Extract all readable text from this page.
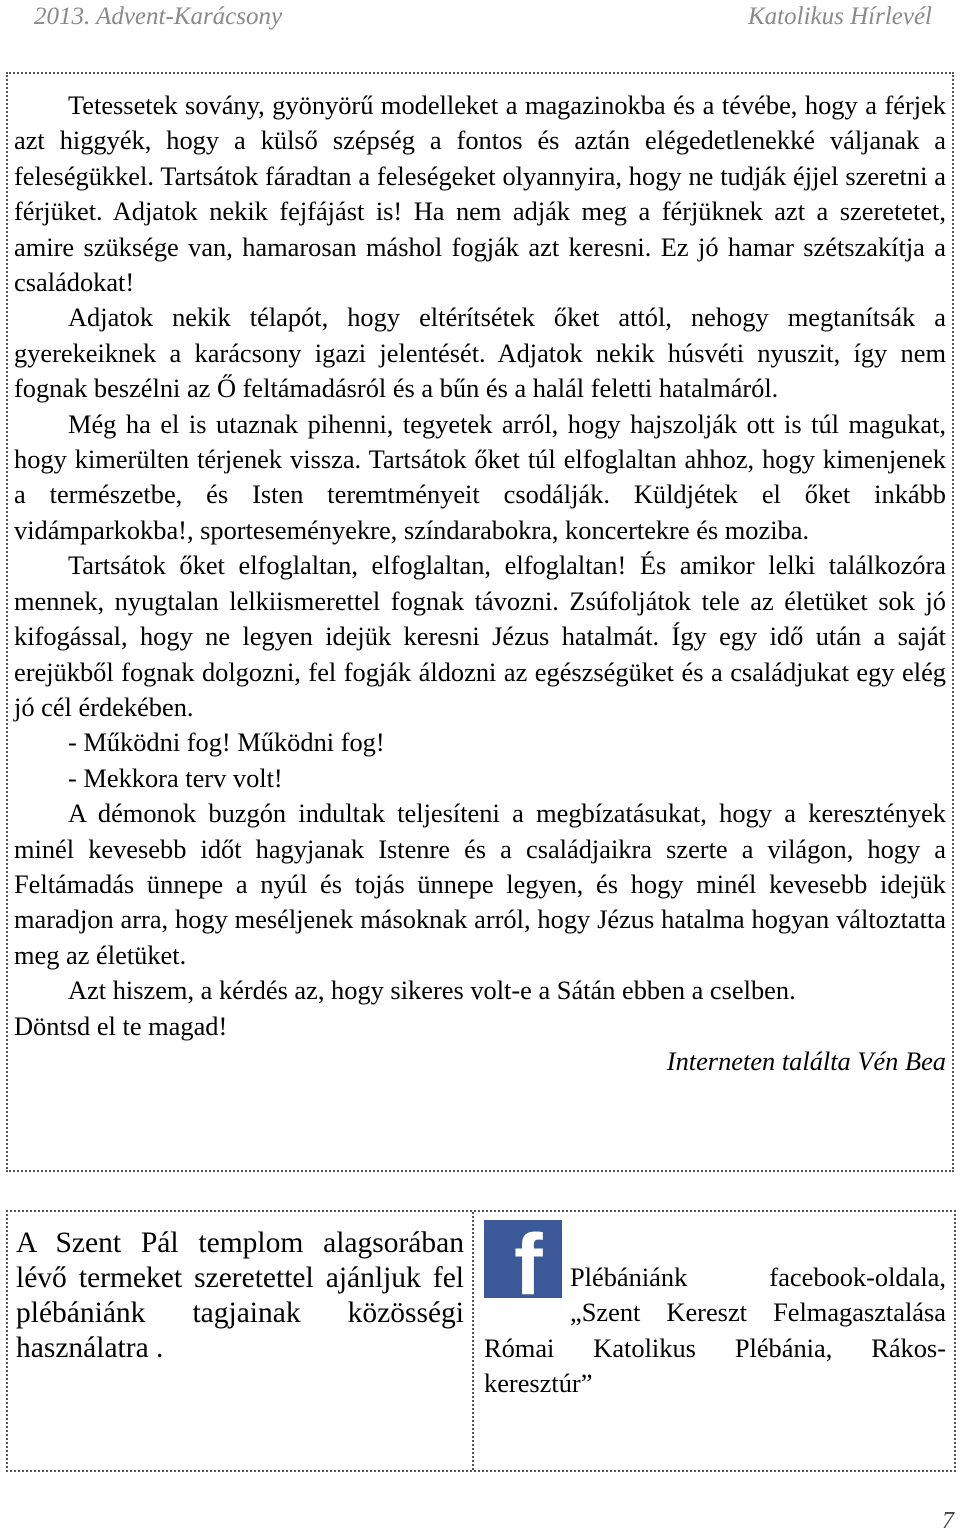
2013. Advent-Karácsony	Katolikus Hírlevél

Tetessetek sovány, gyönyörű modelleket a magazinokba és a tévébe, hogy a férjek azt higgyék, hogy a külső szépség a fontos és aztán elégedetlenekké váljanak a feleségükkel. Tartsátok fáradtan a feleségeket olyannyira, hogy ne tudják éjjel szeretni a férjüket. Adjatok nekik fejfájást is! Ha nem adják meg a férjüknek azt a szeretetet, amire szüksége van, hamarosan máshol fogják azt keresni. Ez jó hamar szétszakítja a családokat!

Adjatok nekik télapót, hogy eltérítsétek őket attól, nehogy megtanítsák a gyerekeiknek a karácsony igazi jelentését. Adjatok nekik húsvéti nyuszit, így nem fognak beszélni az Ő feltámadásról és a bűn és a halál feletti hatalmáról.

Még ha el is utaznak pihenni, tegyetek arról, hogy hajszolják ott is túl magukat, hogy kimerülten térjenek vissza. Tartsátok őket túl elfoglaltan ahhoz, hogy kimenjenek a természetbe, és Isten teremtményeit csodálják. Küldjétek el őket inkább vidámparkokba!, sporteseményekre, színdarabokra, koncertekre és moziba.

Tartsátok őket elfoglaltan, elfoglaltan, elfoglaltan! És amikor lelki találkozóra mennek, nyugtalan lelkiismerettel fognak távozni. Zsúfoljátok tele az életüket sok jó kifogással, hogy ne legyen idejük keresni Jézus hatalmát. Így egy idő után a saját erejükből fognak dolgozni, fel fogják áldozni az egészségüket és a családjukat egy elég jó cél érdekében.

- Működni fog! Működni fog!

- Mekkora terv volt!

A démonok buzgón indultak teljesíteni a megbízatásukat, hogy a keresztények minél kevesebb időt hagyjanak Istenre és a családjaikra szerte a világon, hogy a Feltámadás ünnepe a nyúl és tojás ünnepe legyen, és hogy minél kevesebb idejük maradjon arra, hogy meséljenek másoknak arról, hogy Jézus hatalma hogyan változtatta meg az életüket.

Azt hiszem, a kérdés az, hogy sikeres volt-e a Sátán ebben a cselben.

Döntsd el te magad!

Interneten találta Vén Bea

A Szent Pál templom alagsorában lévő termeket szeretettel ajánljuk fel plébániánk tagjainak közösségi használatra .

f	Plébániánk facebook-oldala, „Szent Kereszt Felmagasztalása Római Katolikus Plébánia, Rákoskeresztúr”

7
